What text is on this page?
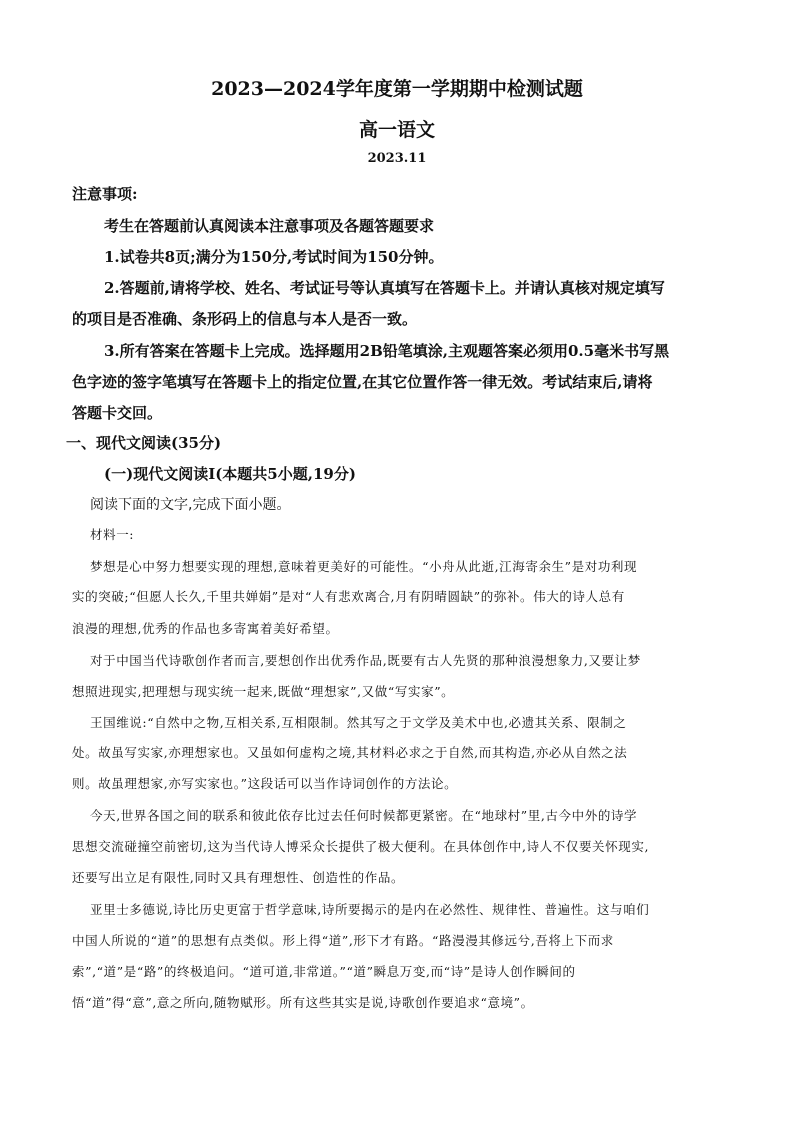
2023—2024学年度第一学期期中检测试题
高一语文
2023.11
注意事项:
考生在答题前认真阅读本注意事项及各题答题要求
1.试卷共8页;满分为150分,考试时间为150分钟。
2.答题前,请将学校、姓名、考试证号等认真填写在答题卡上。并请认真核对规定填写
的项目是否准确、条形码上的信息与本人是否一致。
3.所有答案在答题卡上完成。选择题用2B铅笔填涂,主观题答案必须用0.5毫米书写黑
色字迹的签字笔填写在答题卡上的指定位置,在其它位置作答一律无效。考试结束后,请将
答题卡交回。
一、现代文阅读(35分)
(一)现代文阅读I(本题共5小题,19分)
阅读下面的文字,完成下面小题。
材料一:
梦想是心中努力想要实现的理想,意味着更美好的可能性。“小舟从此逝,江海寄余生”是对功利现
实的突破;“但愿人长久,千里共婵娟”是对“人有悲欢离合,月有阴晴圆缺”的弥补。伟大的诗人总有
浪漫的理想,优秀的作品也多寄寓着美好希望。
对于中国当代诗歌创作者而言,要想创作出优秀作品,既要有古人先贤的那种浪漫想象力,又要让梦
想照进现实,把理想与现实统一起来,既做“理想家”,又做“写实家”。
王国维说:“自然中之物,互相关系,互相限制。然其写之于文学及美术中也,必遗其关系、限制之
处。故虽写实家,亦理想家也。又虽如何虚构之境,其材料必求之于自然,而其构造,亦必从自然之法
则。故虽理想家,亦写实家也。”这段话可以当作诗词创作的方法论。
今天,世界各国之间的联系和彼此依存比过去任何时候都更紧密。在“地球村”里,古今中外的诗学
思想交流碰撞空前密切,这为当代诗人博采众长提供了极大便利。在具体创作中,诗人不仅要关怀现实,
还要写出立足有限性,同时又具有理想性、创造性的作品。
亚里士多德说,诗比历史更富于哲学意味,诗所要揭示的是内在必然性、规律性、普遍性。这与咱们
中国人所说的“道”的思想有点类似。形上得“道”,形下才有路。“路漫漫其修远兮,吾将上下而求
索”,“道”是“路”的终极追问。“道可道,非常道。”“道”瞬息万变,而“诗”是诗人创作瞬间的
悟“道”得“意”,意之所向,随物赋形。所有这些其实是说,诗歌创作要追求“意境”。
